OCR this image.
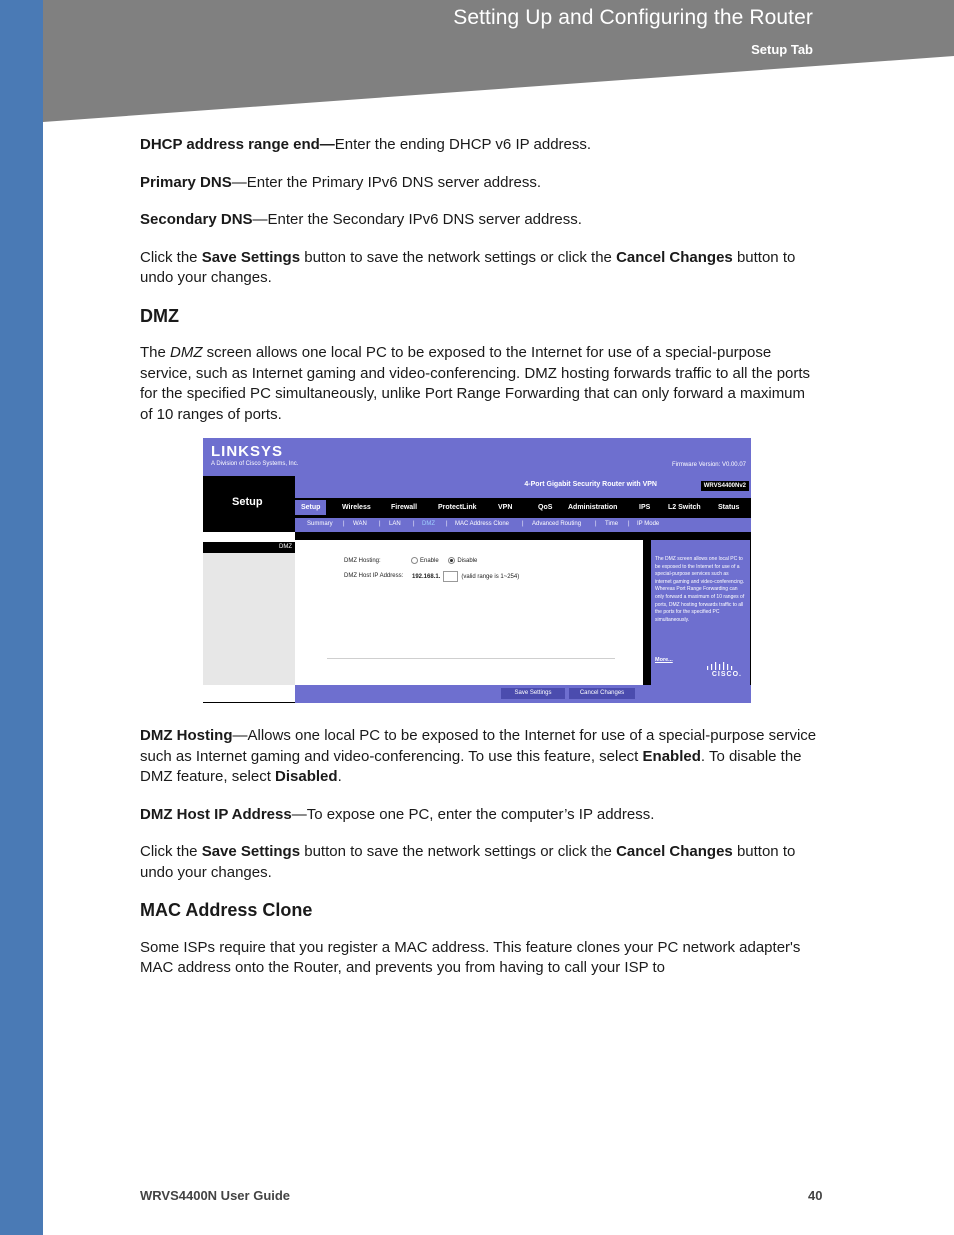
Setting Up and Configuring the Router
Setup Tab

DHCP address range end—Enter the ending DHCP v6 IP address.

Primary DNS—Enter the Primary IPv6 DNS server address.

Secondary DNS—Enter the Secondary IPv6 DNS server address.

Click the Save Settings button to save the network settings or click the Cancel Changes button to undo your changes.

DMZ

The DMZ screen allows one local PC to be exposed to the Internet for use of a special-purpose service, such as Internet gaming and video-conferencing. DMZ hosting forwards traffic to all the ports for the specified PC simultaneously, unlike Port Range Forwarding that can only forward a maximum of 10 ranges of ports.

DMZ Hosting—Allows one local PC to be exposed to the Internet for use of a special-purpose service such as Internet gaming and video-conferencing. To use this feature, select Enabled. To disable the DMZ feature, select Disabled.

DMZ Host IP Address—To expose one PC, enter the computer’s IP address.

Click the Save Settings button to save the network settings or click the Cancel Changes button to undo your changes.

MAC Address Clone

Some ISPs require that you register a MAC address. This feature clones your PC network adapter's MAC address onto the Router, and prevents you from having to call your ISP to

LINKSYS
A Division of Cisco Systems, Inc.	Firmware Version: V0.00.07
Setup
4-Port Gigabit Security Router with VPN	WRVS4400Nv2
Setup	Wireless	Firewall	ProtectLink	VPN	QoS Administration	IPS	L2 Switch Status
Summary | WAN | LAN | DMZ | MAC Address Clone | Advanced Routing | Time | IP Mode
DMZ
DMZ Hosting:	Enable	Disable
DMZ Host IP Address: 192.168.1.	(valid range is 1~254)
The DMZ screen allows one local PC to be exposed to the Internet for use of a special-purpose services such as internet gaming and video-conferencing. Whereas Port Range Forwarding can only forward a maximum of 10 ranges of ports, DMZ hosting forwards traffic to all the ports for the specified PC simultaneously.
More...
CISCO.
Save Settings	Cancel Changes
WRVS4400N User Guide	40
